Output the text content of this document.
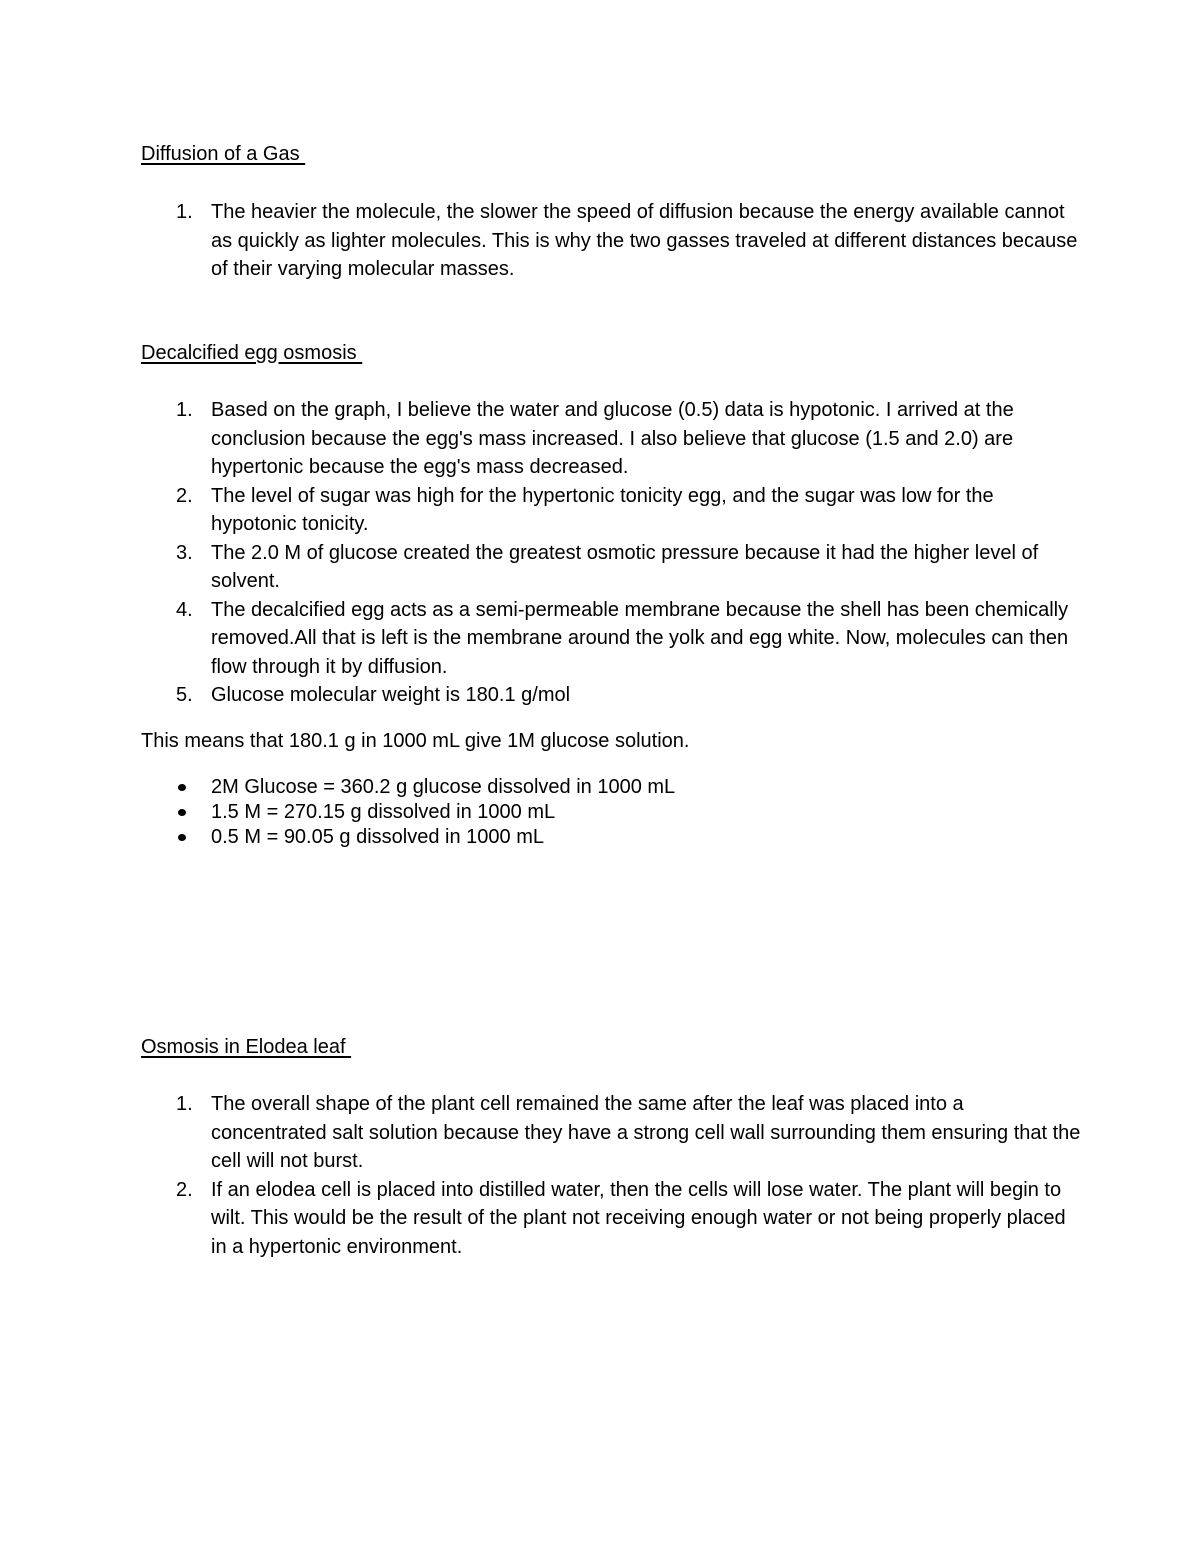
Diffusion of a Gas
1. The heavier the molecule, the slower the speed of diffusion because the energy available cannot as quickly as lighter molecules. This is why the two gasses traveled at different distances because of their varying molecular masses.
Decalcified egg osmosis
1. Based on the graph, I believe the water and glucose (0.5) data is hypotonic. I arrived at the conclusion because the egg's mass increased. I also believe that glucose (1.5 and 2.0) are hypertonic because the egg's mass decreased.
2. The level of sugar was high for the hypertonic tonicity egg, and the sugar was low for the hypotonic tonicity.
3. The 2.0 M of glucose created the greatest osmotic pressure because it had the higher level of solvent.
4. The decalcified egg acts as a semi-permeable membrane because the shell has been chemically removed.All that is left is the membrane around the yolk and egg white. Now, molecules can then flow through it by diffusion.
5. Glucose molecular weight is 180.1 g/mol
This means that 180.1 g in 1000 mL give 1M glucose solution.
2M Glucose = 360.2 g glucose dissolved in 1000 mL
1.5 M = 270.15 g dissolved in 1000 mL
0.5 M = 90.05 g dissolved in 1000 mL
Osmosis in Elodea leaf
1. The overall shape of the plant cell remained the same after the leaf was placed into a concentrated salt solution because they have a strong cell wall surrounding them ensuring that the cell will not burst.
2. If an elodea cell is placed into distilled water, then the cells will lose water. The plant will begin to wilt. This would be the result of the plant not receiving enough water or not being properly placed in a hypertonic environment.
